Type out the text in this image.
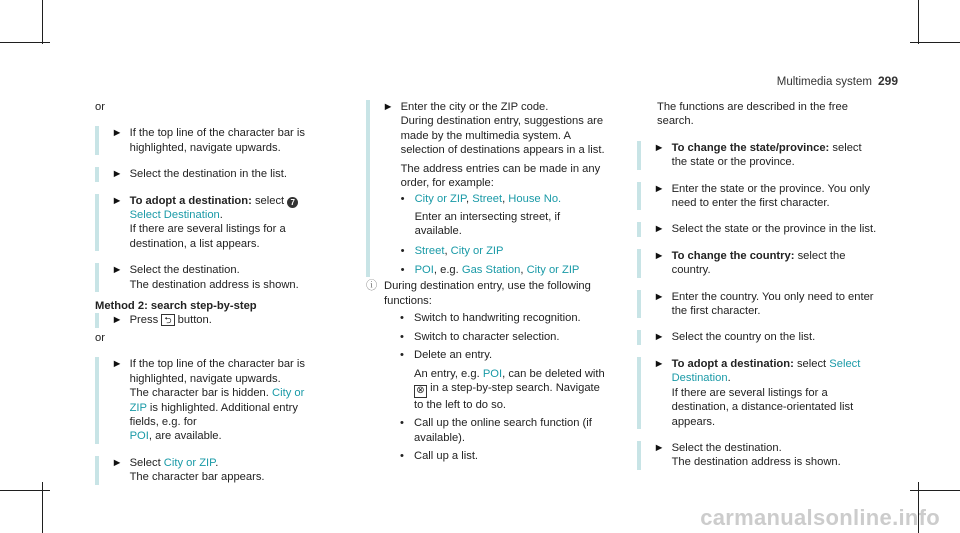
Multimedia system 299
or
► If the top line of the character bar is highlighted, navigate upwards.
► Select the destination in the list.
► To adopt a destination: select 7 Select Destination.
If there are several listings for a destination, a list appears.
► Select the destination.
The destination address is shown.
Method 2: search step-by-step
► Press ⮌ button.
or
► If the top line of the character bar is highlighted, navigate upwards.
The character bar is hidden. City or ZIP is highlighted. Additional entry fields, e.g. for
POI, are available.
► Select City or ZIP.
The character bar appears.
► Enter the city or the ZIP code.
During destination entry, suggestions are made by the multimedia system. A selection of destinations appears in a list.
The address entries can be made in any order, for example:
• City or ZIP, Street, House No.
Enter an intersecting street, if available.
• Street, City or ZIP
• POI, e.g. Gas Station, City or ZIP
ⓘ During destination entry, use the following functions:
• Switch to handwriting recognition.
• Switch to character selection.
• Delete an entry.
An entry, e.g. POI, can be deleted with ⊗ in a step-by-step search. Navigate to the left to do so.
• Call up the online search function (if available).
• Call up a list.
The functions are described in the free search.
► To change the state/province: select the state or the province.
► Enter the state or the province. You only need to enter the first character.
► Select the state or the province in the list.
► To change the country: select the country.
► Enter the country. You only need to enter the first character.
► Select the country on the list.
► To adopt a destination: select Select Destination.
If there are several listings for a destination, a distance-orientated list appears.
► Select the destination.
The destination address is shown.
carmanualsonline.info
